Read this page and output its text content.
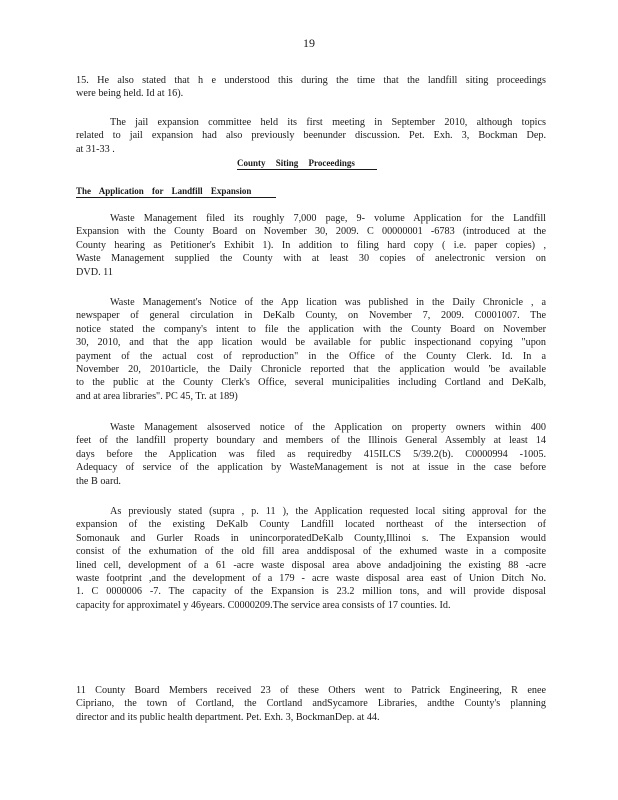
19
15. He also stated that h e understood this during the time that the landfill siting proceedings
were being held. Id at 16).
The jail expansion committee held its first meeting in September 2010, although topics
related to jail expansion had also previously beenunder discussion. Pet. Exh. 3, Bockman Dep.
at 31-33 .
County Siting Proceedings
The Application for Landfill Expansion
Waste Management filed its roughly 7,000 page, 9- volume Application for the Landfill
Expansion with the County Board on November 30, 2009. C 00000001 -6783 (introduced at the
County hearing as Petitioner's Exhibit 1). In addition to filing hard copy ( i.e. paper copies) ,
Waste Management supplied the County with at least 30 copies of anelectronic version on
DVD. 11
Waste Management's Notice of the App lication was published in the Daily Chronicle , a
newspaper of general circulation in DeKalb County, on November 7, 2009. C0001007. The
notice stated the company's intent to file the application with the County Board on November
30, 2010, and that the app lication would be available for public inspectionand copying "upon
payment of the actual cost of reproduction" in the Office of the County Clerk. Id. In a
November 20, 2010article, the Daily Chronicle reported that the application would 'be available
to the public at the County Clerk's Office, several municipalities including Cortland and DeKalb,
and at area libraries". PC 45, Tr. at 189)
Waste Management alsoserved notice of the Application on property owners within 400
feet of the landfill property boundary and members of the Illinois General Assembly at least 14
days before the Application was filed as requiredby 415ILCS 5/39.2(b). C0000994 -1005.
Adequacy of service of the application by WasteManagement is not at issue in the case before
the B oard.
As previously stated (supra , p. 11 ), the Application requested local siting approval for the
expansion of the existing DeKalb County Landfill located northeast of the intersection of
Somonauk and Gurler Roads in unincorporatedDeKalb County,Illinoi s. The Expansion would
consist of the exhumation of the old fill area anddisposal of the exhumed waste in a composite
lined cell, development of a 61 -acre waste disposal area above andadjoining the existing 88 -acre
waste footprint ,and the development of a 179 - acre waste disposal area east of Union Ditch No.
1. C 0000006 -7. The capacity of the Expansion is 23.2 million tons, and will provide disposal
capacity for approximatel y 46years. C0000209.The service area consists of 17 counties. Id.
11 County Board Members received 23 of these Others went to Patrick Engineering, R enee
Cipriano, the town of Cortland, the Cortland andSycamore Libraries, andthe County's planning
director and its public health department. Pet. Exh. 3, BockmanDep. at 44.
